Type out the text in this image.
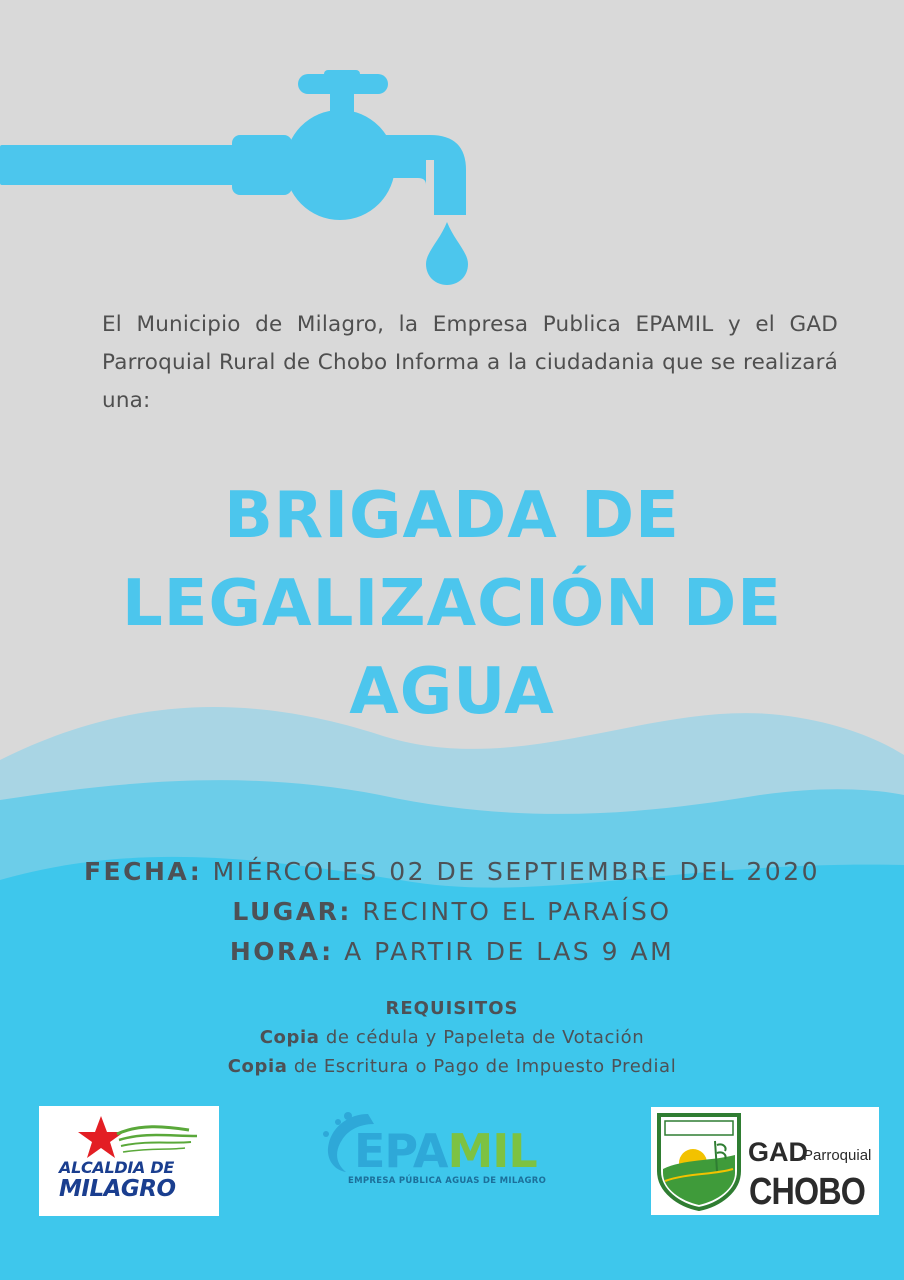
El Municipio de Milagro, la Empresa Publica EPAMIL y el GAD Parroquial Rural de Chobo Informa a la ciudadania que se realizará una:
BRIGADA DE
LEGALIZACIÓN DE
AGUA
FECHA: MIÉRCOLES 02 DE SEPTIEMBRE DEL 2020
LUGAR: RECINTO EL PARAÍSO
HORA: A PARTIR DE LAS 9 AM
REQUISITOS
Copia de cédula y Papeleta de Votación
Copia de Escritura o Pago de Impuesto Predial
ALCALDIA DE
MILAGRO
EPAMIL
EMPRESA PÚBLICA AGUAS DE MILAGRO
GAD
Parroquial
CHOBO
